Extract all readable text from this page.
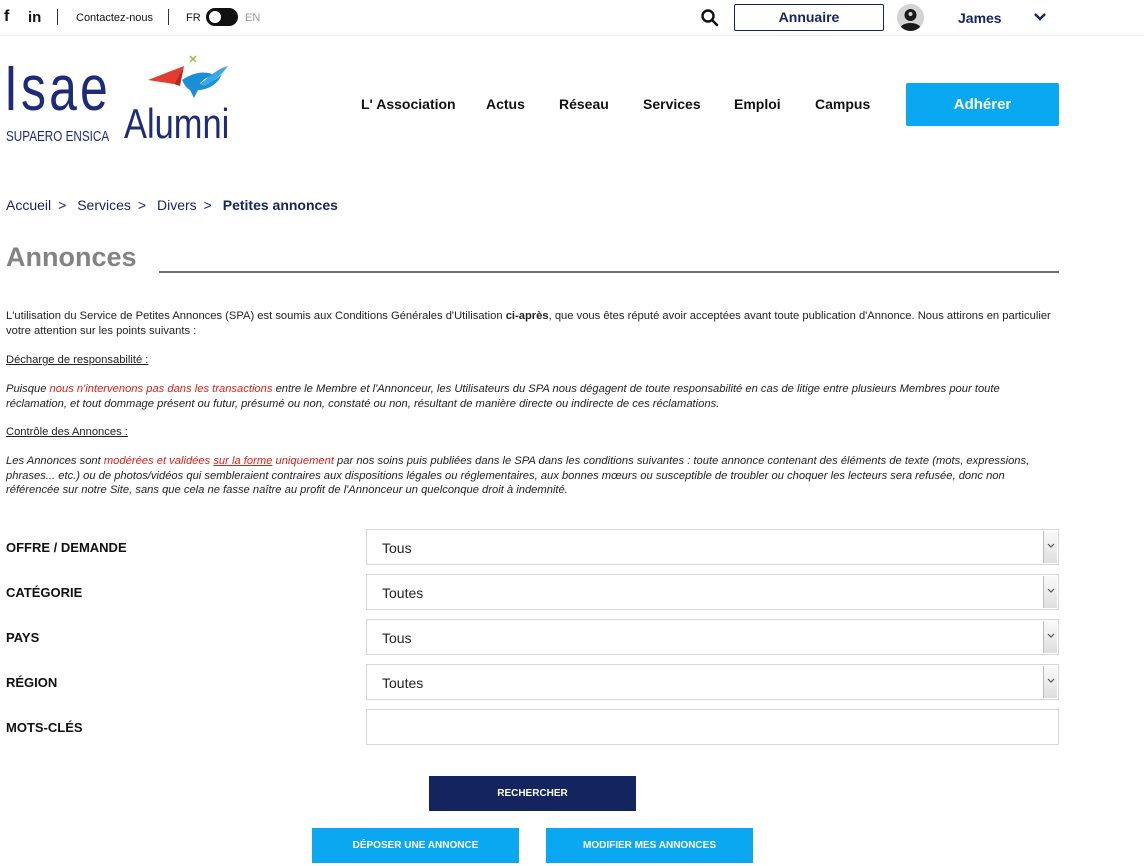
f in	Contactez-nous	FR	EN	Annuaire	James
Isae
SUPAERO ENSICA Alumni	L' Association Actus Réseau Services Emploi Campus	Adhérer
Accueil > Services > Divers > Petites annonces
Annonces

L'utilisation du Service de Petites Annonces (SPA) est soumis aux Conditions Générales d'Utilisation ci-après, que vous êtes réputé avoir acceptées avant toute publication d'Annonce. Nous attirons en particulier votre attention sur les points suivants :

Décharge de responsabilité :

Puisque nous n'intervenons pas dans les transactions entre le Membre et l'Annonceur, les Utilisateurs du SPA nous dégagent de toute responsabilité en cas de litige entre plusieurs Membres pour toute réclamation, et tout dommage présent ou futur, présumé ou non, constaté ou non, résultant de manière directe ou indirecte de ces réclamations.

Contrôle des Annonces :

Les Annonces sont modérées et validées sur la forme uniquement par nos soins puis publiées dans le SPA dans les conditions suivantes : toute annonce contenant des éléments de texte (mots, expressions, phrases... etc.) ou de photos/vidéos qui sembleraient contraires aux dispositions légales ou réglementaires, aux bonnes mœurs ou susceptible de troubler ou choquer les lecteurs sera refusée, donc non référencée sur notre Site, sans que cela ne fasse naître au profit de l'Annonceur un quelconque droit à indemnité.

OFFRE / DEMANDE	Tous
CATÉGORIE	Toutes
PAYS	Tous
RÉGION	Toutes
MOTS-CLÉS
RECHERCHER
DÉPOSER UNE ANNONCE	MODIFIER MES ANNONCES
